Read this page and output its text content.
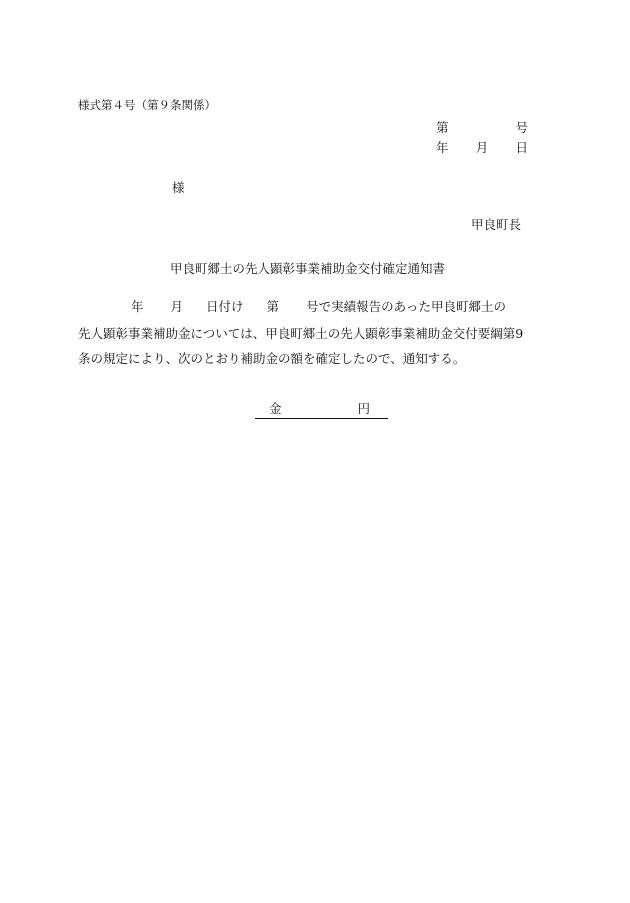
様式第４号（第９条関係）
第	号
年 月 日
様
甲良町長
甲良町郷土の先人顕彰事業補助金交付確定通知書
年 月 日付け 第 号で実績報告のあった甲良町郷土の
先人顕彰事業補助金については、甲良町郷土の先人顕彰事業補助金交付要綱第9
条の規定により、次のとおり補助金の額を確定したので、通知する。
金	円
